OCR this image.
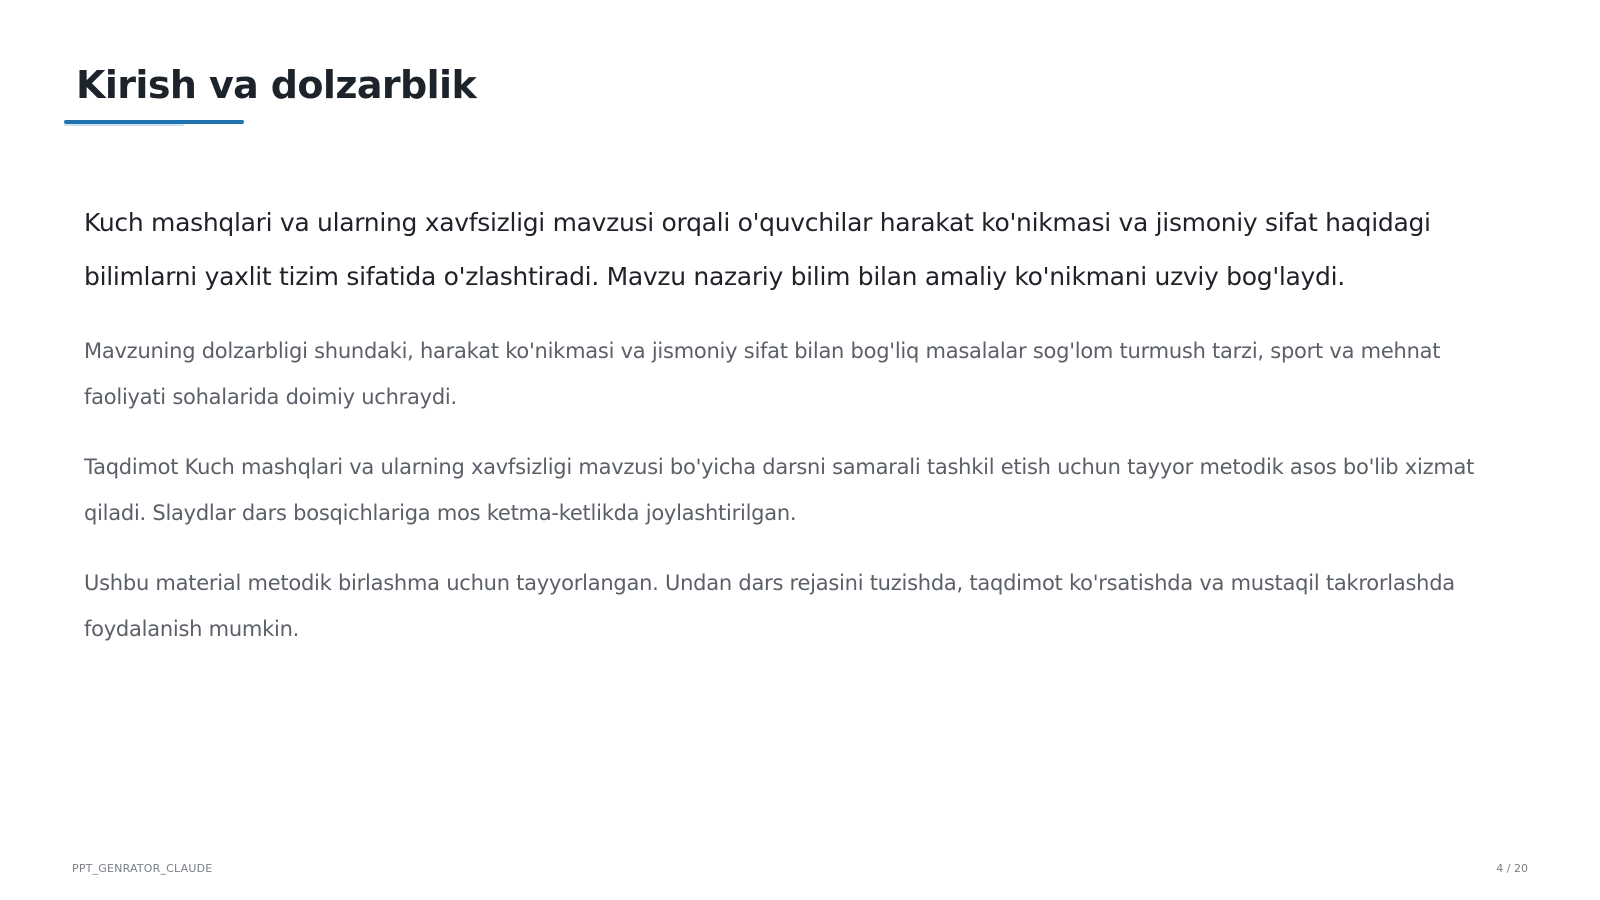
Kirish va dolzarblik

Kuch mashqlari va ularning xavfsizligi mavzusi orqali o'quvchilar harakat ko'nikmasi va jismoniy sifat haqidagi bilimlarni yaxlit tizim sifatida o'zlashtiradi. Mavzu nazariy bilim bilan amaliy ko'nikmani uzviy bog'laydi.

Mavzuning dolzarbligi shundaki, harakat ko'nikmasi va jismoniy sifat bilan bog'liq masalalar sog'lom turmush tarzi, sport va mehnat faoliyati sohalarida doimiy uchraydi.

Taqdimot Kuch mashqlari va ularning xavfsizligi mavzusi bo'yicha darsni samarali tashkil etish uchun tayyor metodik asos bo'lib xizmat qiladi. Slaydlar dars bosqichlariga mos ketma-ketlikda joylashtirilgan.

Ushbu material metodik birlashma uchun tayyorlangan. Undan dars rejasini tuzishda, taqdimot ko'rsatishda va mustaqil takrorlashda foydalanish mumkin.

PPT_GENRATOR_CLAUDE	4 / 20
